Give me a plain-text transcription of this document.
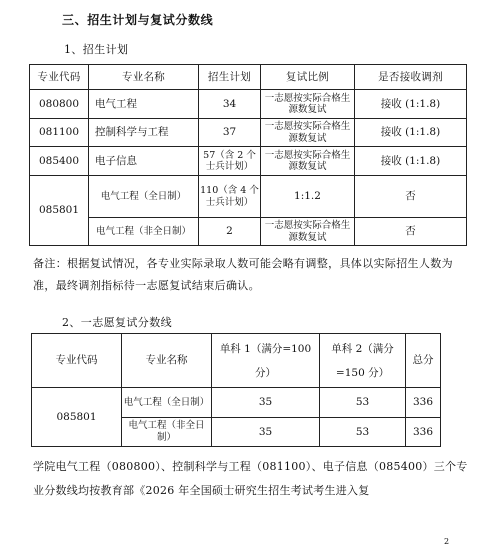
三、招生计划与复试分数线
1、招生计划
专业代码	专业名称	招生计划	复试比例	是否接收调剂
080800	电气工程	34	一志愿按实际合格生源数复试	接收 (1:1.8)
081100	控制科学与工程	37	一志愿按实际合格生源数复试	接收 (1:1.8)
085400	电子信息	57（含 2 个士兵计划）	一志愿按实际合格生源数复试	接收 (1:1.8)
085801	电气工程（全日制）	110（含 4 个士兵计划）	1:1.2	否
	电气工程（非全日制）	2	一志愿按实际合格生源数复试	否
备注：根据复试情况，各专业实际录取人数可能会略有调整，具体以实际招生人数为准，最终调剂指标待一志愿复试结束后确认。
2、一志愿复试分数线
专业代码	专业名称	单科 1（满分=100分）	单科 2（满分=150 分）	总分
085801	电气工程（全日制）	35	53	336
	电气工程（非全日制）	35	53	336
学院电气工程（080800）、控制科学与工程（081100）、电子信息（085400）三个专业分数线均按教育部《2026 年全国硕士研究生招生考试考生进入复
2
